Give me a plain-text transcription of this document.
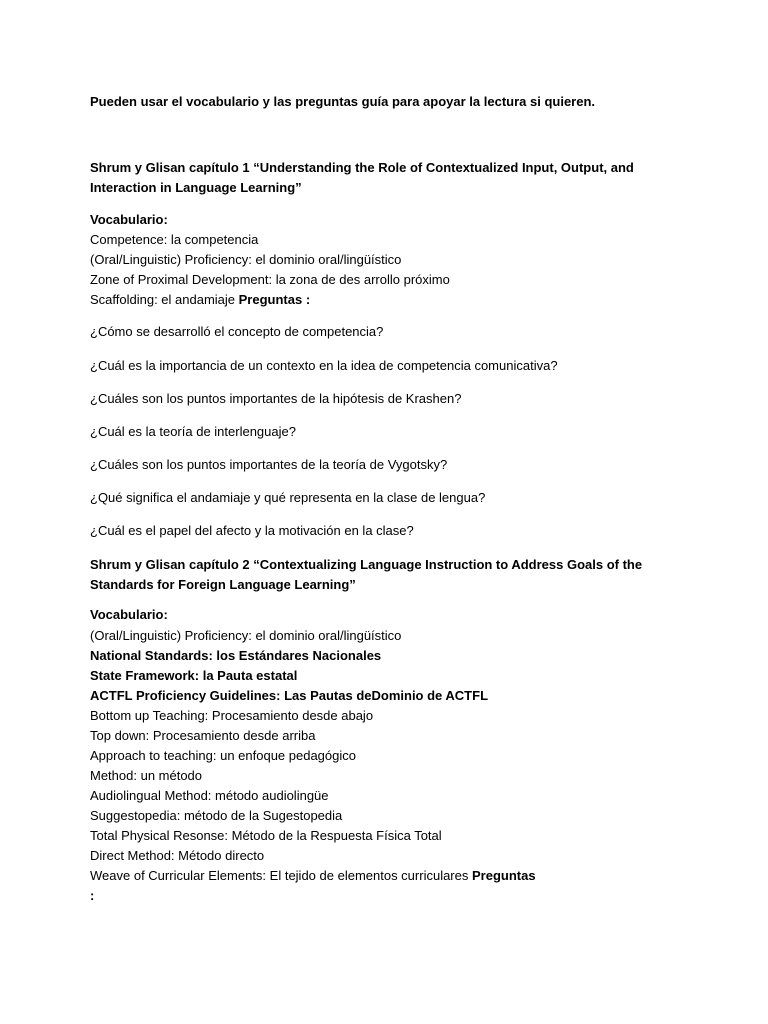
Pueden usar el vocabulario y las preguntas guía para apoyar la lectura si quieren.
Shrum y Glisan capítulo 1 “Understanding the Role of Contextualized Input, Output, and Interaction in Language Learning”
Vocabulario:
Competence: la competencia
(Oral/Linguistic) Proficiency: el dominio oral/lingüístico
Zone of Proximal Development: la zona de des arrollo próximo
Scaffolding: el andamiaje Preguntas :
¿Cómo se desarrolló el concepto de competencia?
¿Cuál es la importancia de un contexto en la idea de competencia comunicativa?
¿Cuáles son los puntos importantes de la hipótesis de Krashen?
¿Cuál es la teoría de interlenguaje?
¿Cuáles son los puntos importantes de la teoría de Vygotsky?
¿Qué significa el andamiaje y qué representa en la clase de lengua?
¿Cuál es el papel del afecto y la motivación en la clase?
Shrum y Glisan capítulo 2 “Contextualizing Language Instruction to Address Goals of the Standards for Foreign Language Learning”
Vocabulario:
(Oral/Linguistic) Proficiency: el dominio oral/lingüístico
National Standards: los Estándares Nacionales
State Framework: la Pauta estatal
ACTFL Proficiency Guidelines: Las Pautas deDominio de ACTFL
Bottom up Teaching: Procesamiento desde abajo
Top down: Procesamiento desde arriba
Approach to teaching: un enfoque pedagógico
Method: un método
Audiolingual Method: método audiolingüe
Suggestopedia: método de la Sugestopedia
Total Physical Resonse: Método de la Respuesta Física Total
Direct Method: Método directo
Weave of Curricular Elements: El tejido de elementos curriculares Preguntas
:
